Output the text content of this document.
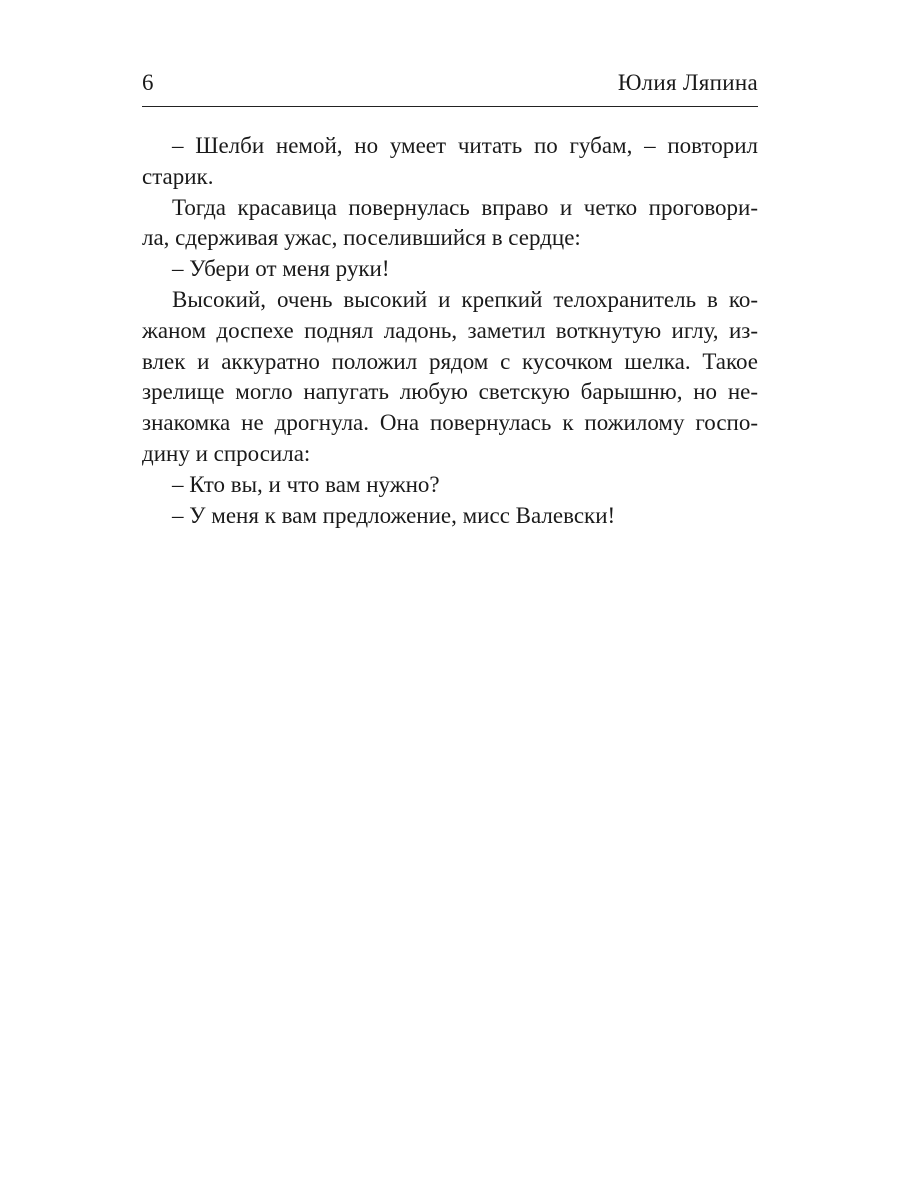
6	Юлия Ляпина
– Шелби немой, но умеет читать по губам, – повторил
старик.
Тогда красавица повернулась вправо и четко проговори-
ла, сдерживая ужас, поселившийся в сердце:
– Убери от меня руки!
Высокий, очень высокий и крепкий телохранитель в ко-
жаном доспехе поднял ладонь, заметил воткнутую иглу, из-
влек и аккуратно положил рядом с кусочком шелка. Такое
зрелище могло напугать любую светскую барышню, но не-
знакомка не дрогнула. Она повернулась к пожилому госпо-
дину и спросила:
– Кто вы, и что вам нужно?
– У меня к вам предложение, мисс Валевски!
